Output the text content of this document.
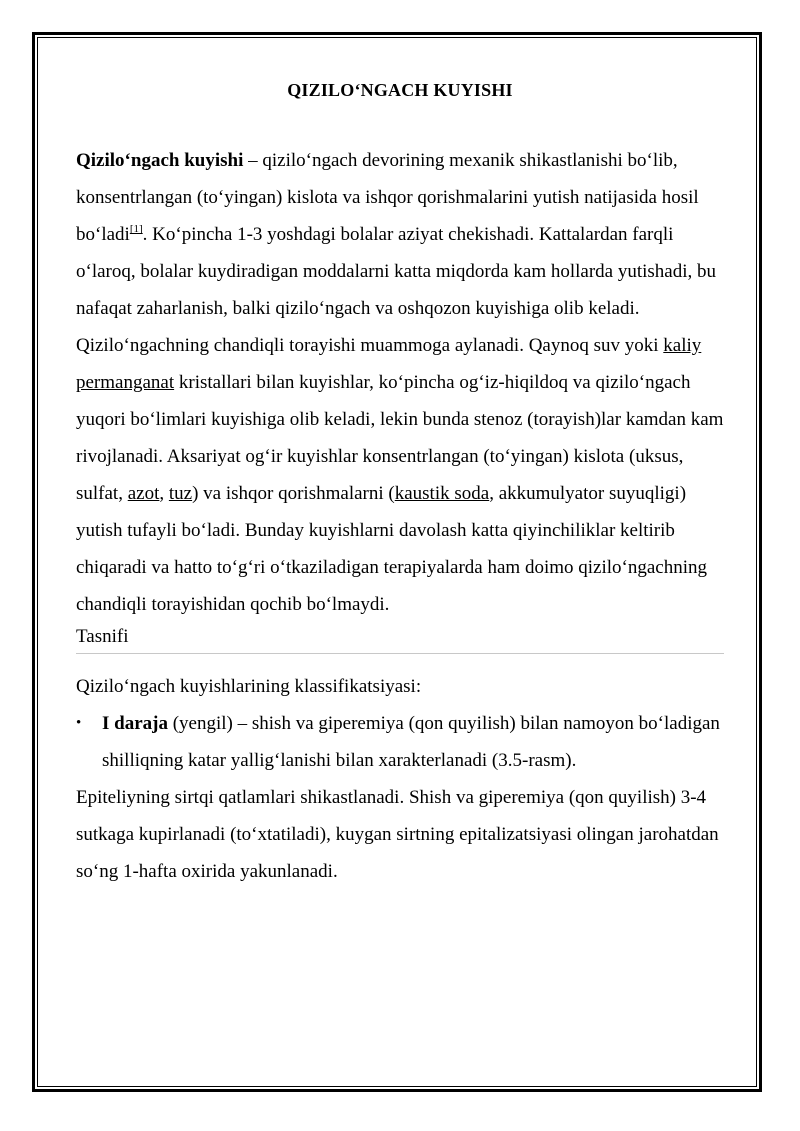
QIZILO‘NGACH KUYISHI

Qizilo‘ngach kuyishi – qizilo‘ngach devorining mexanik shikastlanishi bo‘lib, konsentrlangan (to‘yingan) kislota va ishqor qorishmalarini yutish natijasida hosil bo‘ladi[1]. Ko‘pincha 1-3 yoshdagi bolalar aziyat chekishadi. Kattalardan farqli o‘laroq, bolalar kuydiradigan moddalarni katta miqdorda kam hollarda yutishadi, bu nafaqat zaharlanish, balki qizilo‘ngach va oshqozon kuyishiga olib keladi. Qizilo‘ngachning chandiqli torayishi muammoga aylanadi. Qaynoq suv yoki kaliy permanganat kristallari bilan kuyishlar, ko‘pincha og‘iz-hiqildoq va qizilo‘ngach yuqori bo‘limlari kuyishiga olib keladi, lekin bunda stenoz (torayish)lar kamdan kam rivojlanadi. Aksariyat og‘ir kuyishlar konsentrlangan (to‘yingan) kislota (uksus, sulfat, azot, tuz) va ishqor qorishmalarni (kaustik soda, akkumulyator suyuqligi) yutish tufayli bo‘ladi. Bunday kuyishlarni davolash katta qiyinchiliklar keltirib chiqaradi va hatto to‘g‘ri o‘tkaziladigan terapiyalarda ham doimo qizilo‘ngachning chandiqli torayishidan qochib bo‘lmaydi.

Tasnifi

Qizilo‘ngach kuyishlarining klassifikatsiyasi:

• I daraja (yengil) – shish va giperemiya (qon quyilish) bilan namoyon bo‘ladigan shilliqning katar yallig‘lanishi bilan xarakterlanadi (3.5-rasm).

Epiteliyning sirtqi qatlamlari shikastlanadi. Shish va giperemiya (qon quyilish) 3-4 sutkaga kupirlanadi (to‘xtatiladi), kuygan sirtning epitalizatsiyasi olingan jarohatdan so‘ng 1-hafta oxirida yakunlanadi.
